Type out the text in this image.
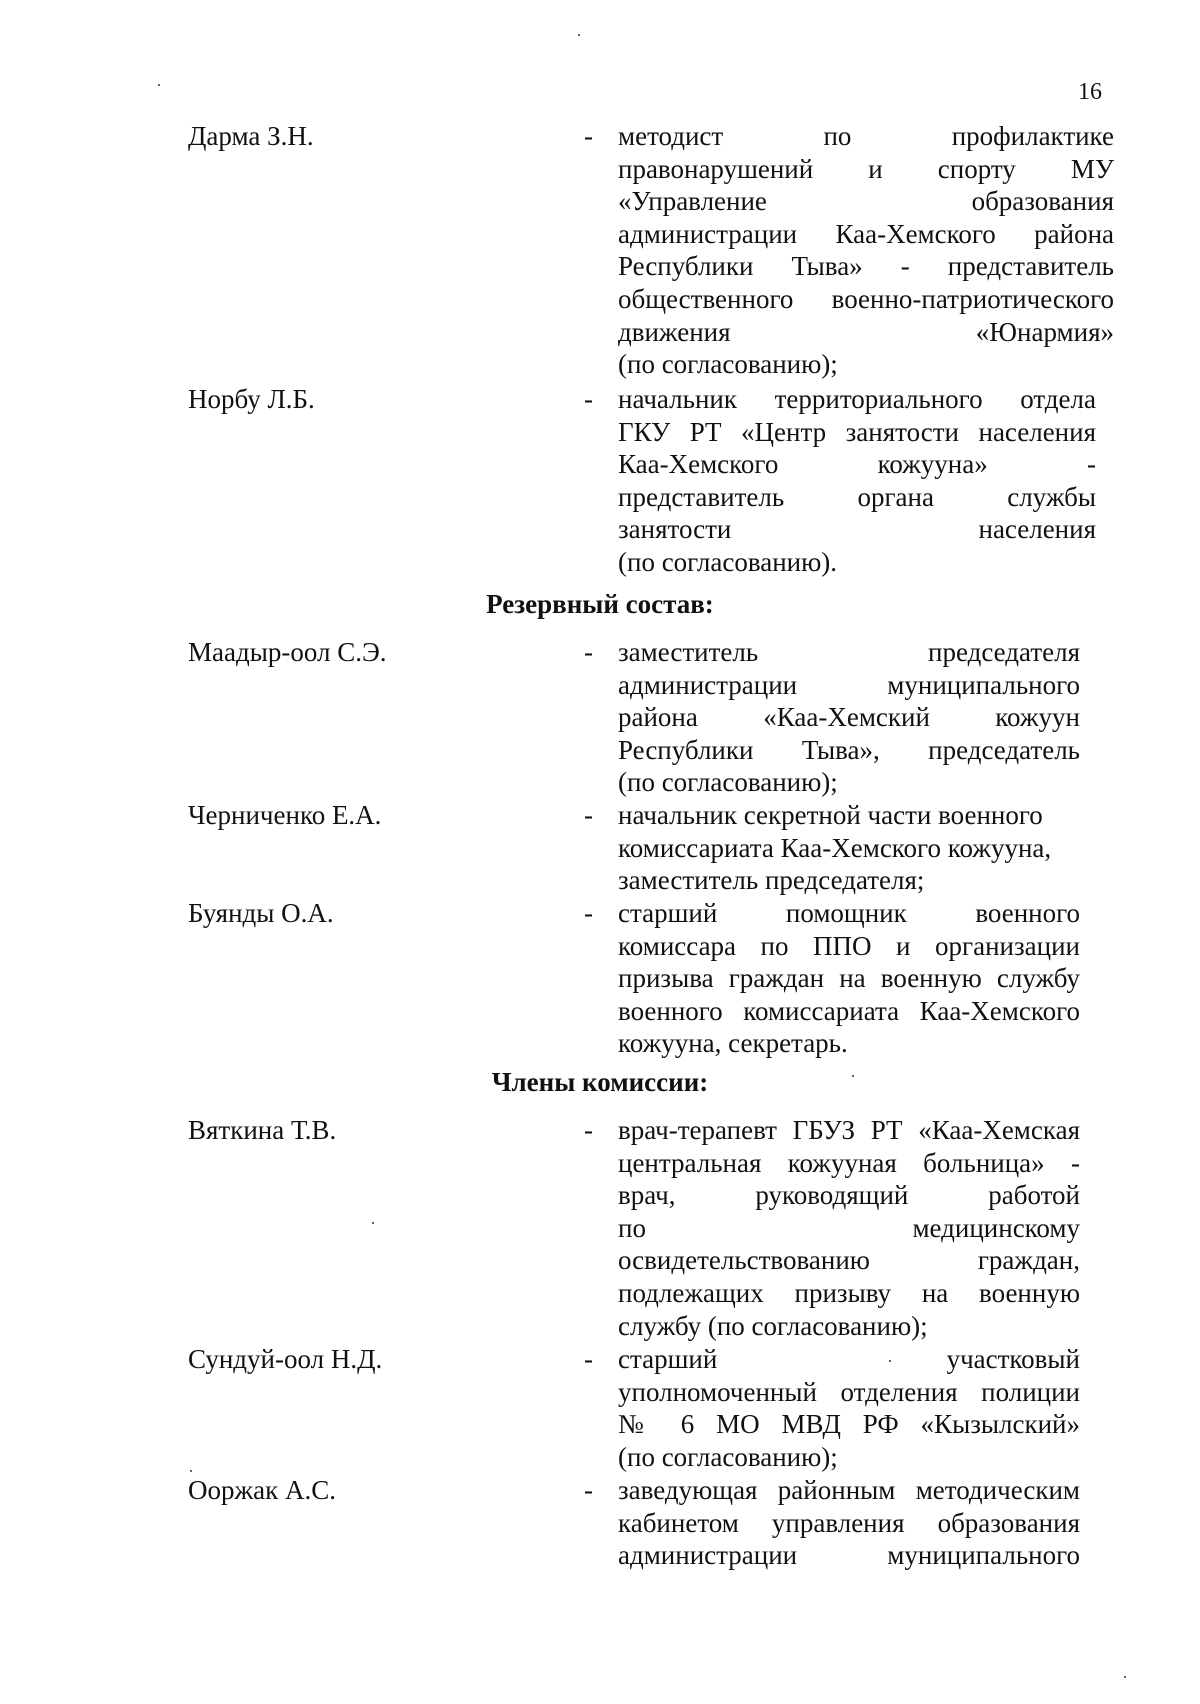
16
Дарма З.Н.	- методист по профилактике
правонарушений и спорту МУ
«Управление образования
администрации Каа-Хемского района
Республики Тыва» - представитель
общественного военно-патриотического
движения «Юнармия»
(по согласованию);
Норбу Л.Б.	- начальник территориального отдела
ГКУ РТ «Центр занятости населения
Каа-Хемского кожууна» -
представитель органа службы
занятости населения
(по согласованию).
Резервный состав:
Маадыр-оол С.Э.	- заместитель председателя
администрации муниципального
района «Каа-Хемский кожуун
Республики Тыва», председатель
(по согласованию);
Черниченко Е.А.	- начальник секретной части военного
комиссариата Каа-Хемского кожууна,
заместитель председателя;
Буянды О.А.	- старший помощник военного
комиссара по ППО и организации
призыва граждан на военную службу
военного комиссариата Каа-Хемского
кожууна, секретарь.
Члены комиссии:
Вяткина Т.В.	- врач-терапевт ГБУЗ РТ «Каа-Хемская
центральная кожууная больница» -
врач, руководящий работой
по медицинскому
освидетельствованию граждан,
подлежащих призыву на военную
службу (по согласованию);
Сундуй-оол Н.Д.	- старший участковый
уполномоченный отделения полиции
№ 6 МО МВД РФ «Кызылский»
(по согласованию);
Ооржак А.С.	- заведующая районным методическим
кабинетом управления образования
администрации муниципального
